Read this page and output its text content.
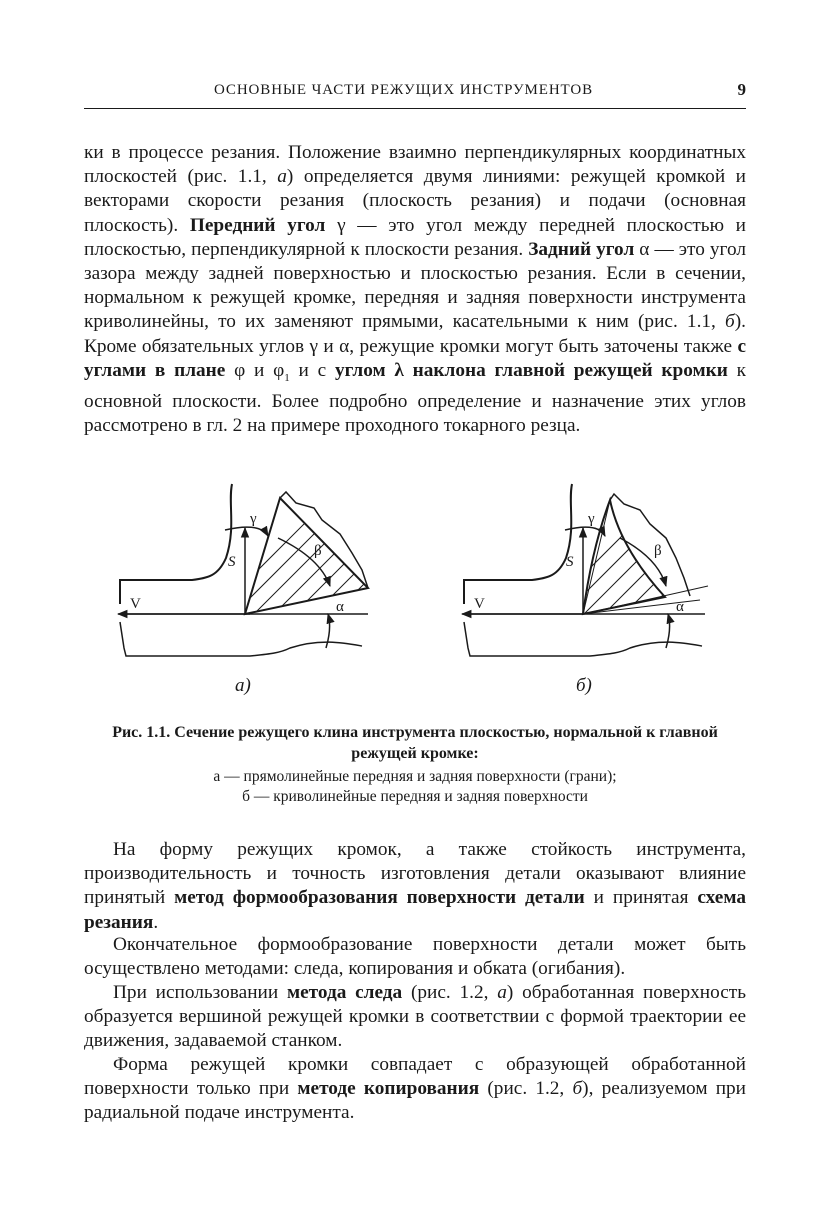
ОСНОВНЫЕ ЧАСТИ РЕЖУЩИХ ИНСТРУМЕНТОВ	9

ки в процессе резания. Положение взаимно перпендикулярных координатных плоскостей (рис. 1.1, а) определяется двумя линиями: режущей кромкой и векторами скорости резания (плоскость резания) и подачи (основная плоскость). Передний угол γ — это угол между передней плоскостью и плоскостью, перпендикулярной к плоскости резания. Задний угол α — это угол зазора между задней поверхностью и плоскостью резания. Если в сечении, нормальном к режущей кромке, передняя и задняя поверхности инструмента криволинейны, то их заменяют прямыми, касательными к ним (рис. 1.1, б). Кроме обязательных углов γ и α, режущие кромки могут быть заточены также с углами в плане φ и $\varphi_1$ и с углом λ наклона главной режущей кромки к основной плоскости. Более подробно определение и назначение этих углов рассмотрено в гл. 2 на примере проходного токарного резца.

γ
β
α
S
V
а)
γ
β
α
S
V
б)
Рис. 1.1. Сечение режущего клина инструмента плоскостью, нормальной к главной режущей кромке:
а — прямолинейные передняя и задняя поверхности (грани);
б — криволинейные передняя и задняя поверхности

На форму режущих кромок, а также стойкость инструмента, производительность и точность изготовления детали оказывают влияние принятый метод формообразования поверхности детали и принятая схема резания.

Окончательное формообразование поверхности детали может быть осуществлено методами: следа, копирования и обката (огибания).

При использовании метода следа (рис. 1.2, а) обработанная поверхность образуется вершиной режущей кромки в соответствии с формой траектории ее движения, задаваемой станком.

Форма режущей кромки совпадает с образующей обработанной поверхности только при методе копирования (рис. 1.2, б), реализуемом при радиальной подаче инструмента.
